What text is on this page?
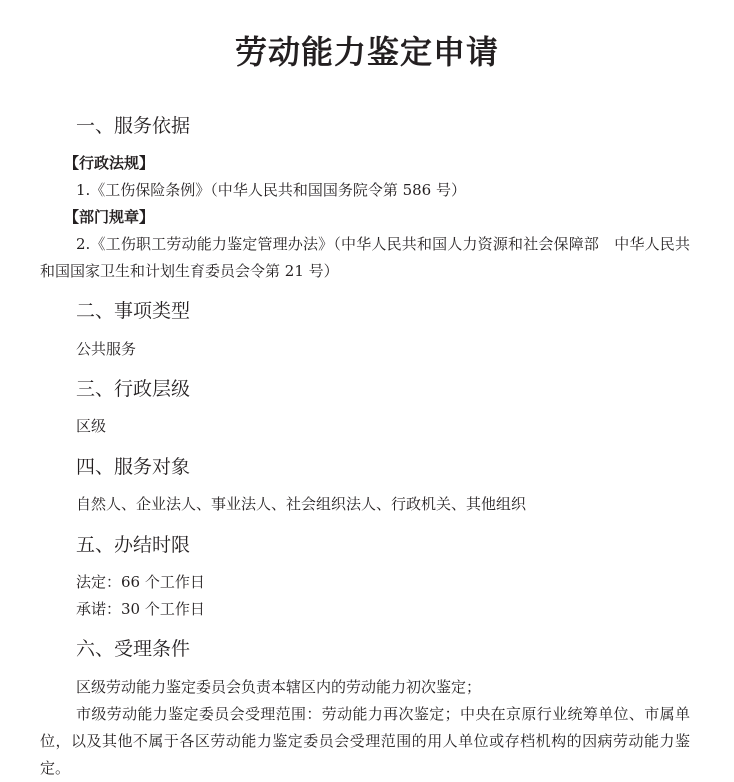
劳动能力鉴定申请
一、服务依据
【行政法规】
1.《工伤保险条例》（中华人民共和国国务院令第 586 号）
【部门规章】
2.《工伤职工劳动能力鉴定管理办法》（中华人民共和国人力资源和社会保障部　中华人民共和国国家卫生和计划生育委员会令第 21 号）
二、事项类型
公共服务
三、行政层级
区级
四、服务对象
自然人、企业法人、事业法人、社会组织法人、行政机关、其他组织
五、办结时限
法定：66 个工作日
承诺：30 个工作日
六、受理条件
区级劳动能力鉴定委员会负责本辖区内的劳动能力初次鉴定；
市级劳动能力鉴定委员会受理范围：劳动能力再次鉴定；中央在京原行业统筹单位、市属单位，以及其他不属于各区劳动能力鉴定委员会受理范围的用人单位或存档机构的因病劳动能力鉴定。
